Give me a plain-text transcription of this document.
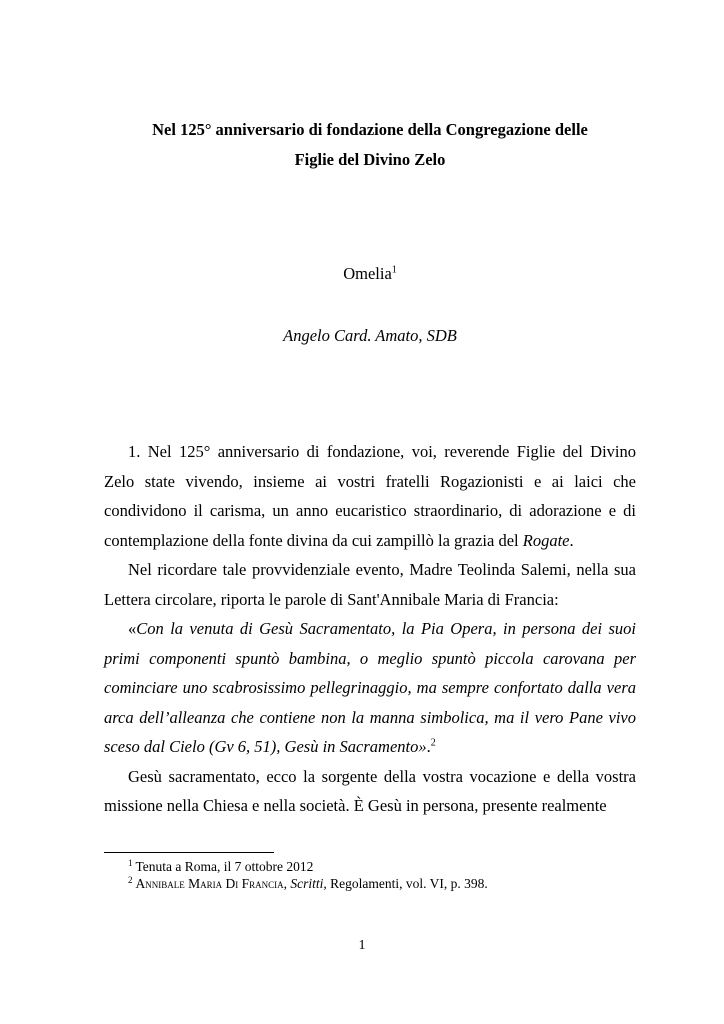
Nel 125° anniversario di fondazione della Congregazione delle
Figlie del Divino Zelo
Omelia$^1$
Angelo Card. Amato, SDB

1. Nel 125° anniversario di fondazione, voi, reverende Figlie del Divino Zelo state vivendo, insieme ai vostri fratelli Rogazionisti e ai laici che condividono il carisma, un anno eucaristico straordinario, di adorazione e di contemplazione della fonte divina da cui zampillò la grazia del Rogate.

Nel ricordare tale provvidenziale evento, Madre Teolinda Salemi, nella sua Lettera circolare, riporta le parole di Sant'Annibale Maria di Francia:

«Con la venuta di Gesù Sacramentato, la Pia Opera, in persona dei suoi primi componenti spuntò bambina, o meglio spuntò piccola carovana per cominciare uno scabrosissimo pellegrinaggio, ma sempre confortato dalla vera arca dell’alleanza che contiene non la manna simbolica, ma il vero Pane vivo sceso dal Cielo (Gv 6, 51), Gesù in Sacramento».$^2$

Gesù sacramentato, ecco la sorgente della vostra vocazione e della vostra missione nella Chiesa e nella società. È Gesù in persona, presente realmente

$^1$ Tenuta a Roma, il 7 ottobre 2012
$^2$ Annibale Maria Di Francia, Scritti, Regolamenti, vol. VI, p. 398.
1
